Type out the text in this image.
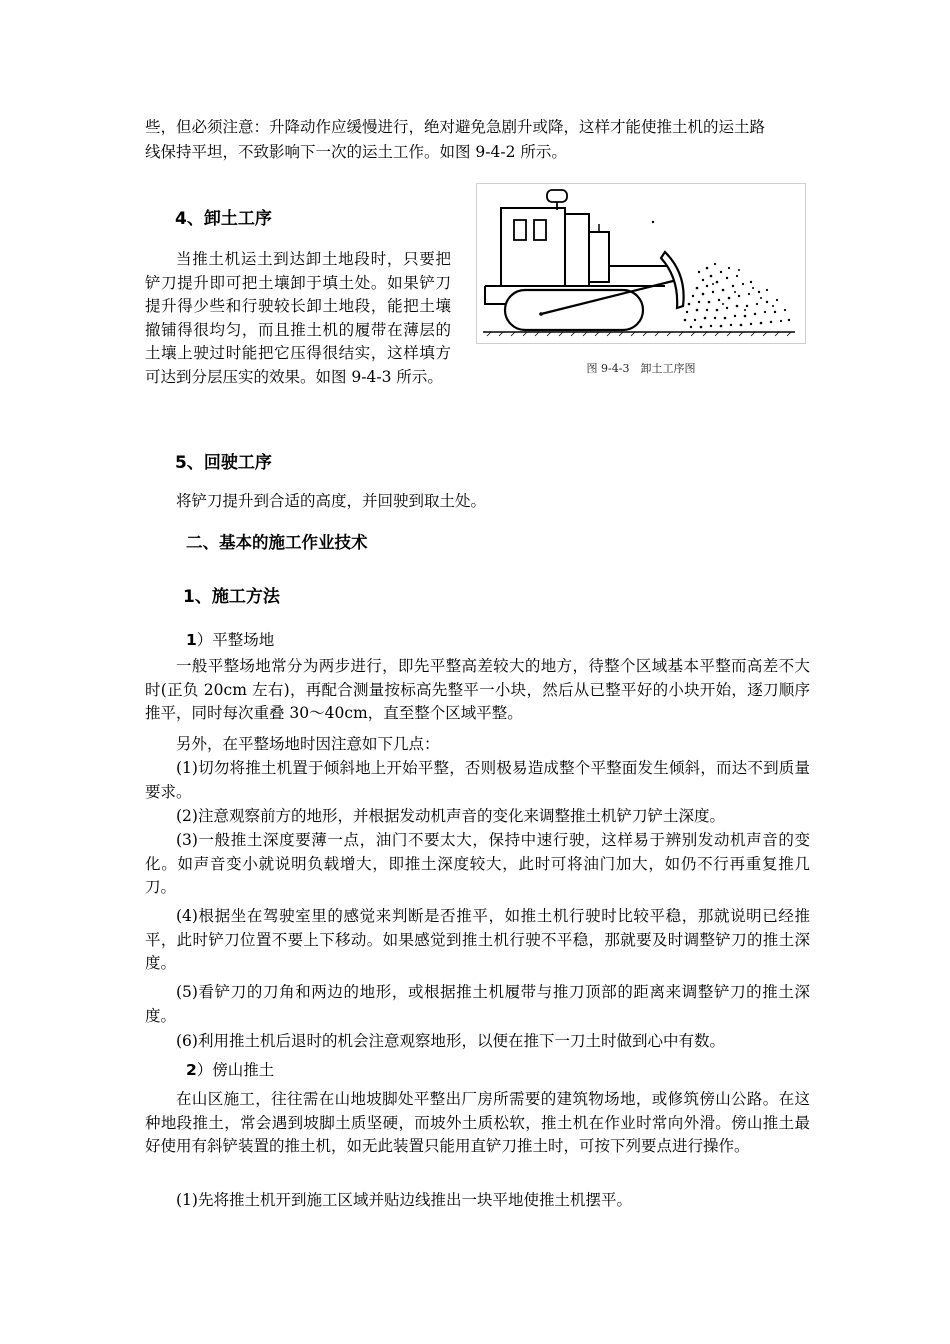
些，但必须注意：升降动作应缓慢进行，绝对避免急剧升或降，这样才能使推土机的运土路

线保持平坦，不致影响下一次的运土工作。如图 9-4-2 所示。

4、卸土工序

当推土机运土到达卸土地段时，只要把铲刀提升即可把土壤卸于填土处。如果铲刀提升得少些和行驶较长卸土地段，能把土壤撤铺得很均匀，而且推土机的履带在薄层的土壤上驶过时能把它压得很结实，这样填方可达到分层压实的效果。如图 9-4-3 所示。	图 9-4-3　卸土工序图
5、回驶工序

将铲刀提升到合适的高度，并回驶到取土处。

二、基本的施工作业技术
1、施工方法

1）平整场地

一般平整场地常分为两步进行，即先平整高差较大的地方，待整个区域基本平整而高差不大时(正负 20cm 左右)，再配合测量按标高先整平一小块，然后从已整平好的小块开始，逐刀顺序推平，同时每次重叠 30～40cm，直至整个区域平整。

另外，在平整场地时因注意如下几点：

(1)切勿将推土机置于倾斜地上开始平整，否则极易造成整个平整面发生倾斜，而达不到质量要求。

(2)注意观察前方的地形，并根据发动机声音的变化来调整推土机铲刀铲土深度。

(3)一般推土深度要薄一点，油门不要太大，保持中速行驶，这样易于辨别发动机声音的变化。如声音变小就说明负载增大，即推土深度较大，此时可将油门加大，如仍不行再重复推几刀。

(4)根据坐在驾驶室里的感觉来判断是否推平，如推土机行驶时比较平稳，那就说明已经推平，此时铲刀位置不要上下移动。如果感觉到推土机行驶不平稳，那就要及时调整铲刀的推土深度。

(5)看铲刀的刀角和两边的地形，或根据推土机履带与推刀顶部的距离来调整铲刀的推土深度。

(6)利用推土机后退时的机会注意观察地形，以便在推下一刀土时做到心中有数。

2）傍山推土

在山区施工，往往需在山地坡脚处平整出厂房所需要的建筑物场地，或修筑傍山公路。在这种地段推土，常会遇到坡脚土质坚硬，而坡外土质松软，推土机在作业时常向外滑。傍山推土最好使用有斜铲装置的推土机，如无此装置只能用直铲刀推土时，可按下列要点进行操作。

(1)先将推土机开到施工区域并贴边线推出一块平地使推土机摆平。
